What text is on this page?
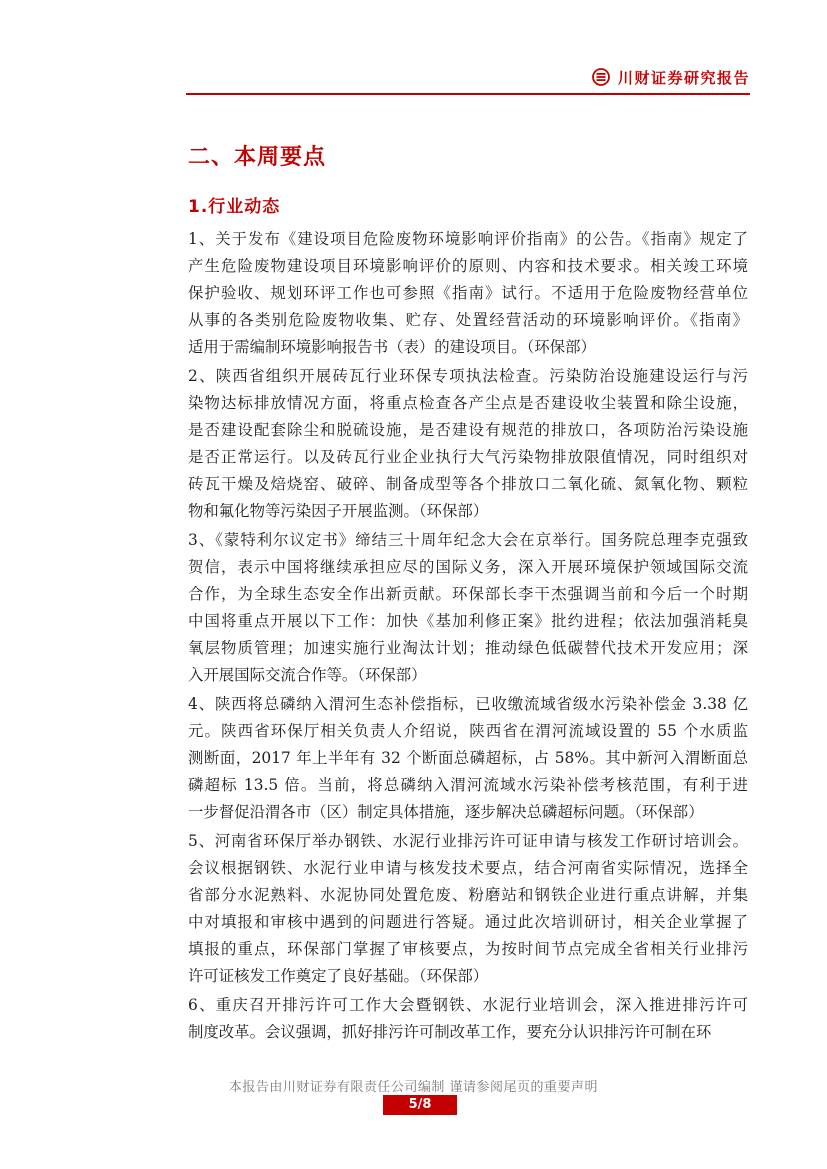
川财证券研究报告
二、本周要点
1.行业动态
1、关于发布《建设项目危险废物环境影响评价指南》的公告。《指南》规定了
产生危险废物建设项目环境影响评价的原则、内容和技术要求。相关竣工环境
保护验收、规划环评工作也可参照《指南》试行。不适用于危险废物经营单位
从事的各类别危险废物收集、贮存、处置经营活动的环境影响评价。《指南》
适用于需编制环境影响报告书（表）的建设项目。（环保部）
2、陕西省组织开展砖瓦行业环保专项执法检查。污染防治设施建设运行与污
染物达标排放情况方面，将重点检查各产尘点是否建设收尘装置和除尘设施，
是否建设配套除尘和脱硫设施，是否建设有规范的排放口，各项防治污染设施
是否正常运行。以及砖瓦行业企业执行大气污染物排放限值情况，同时组织对
砖瓦干燥及焙烧窑、破碎、制备成型等各个排放口二氧化硫、氮氧化物、颗粒
物和氟化物等污染因子开展监测。（环保部）
3、《蒙特利尔议定书》缔结三十周年纪念大会在京举行。国务院总理李克强致
贺信，表示中国将继续承担应尽的国际义务，深入开展环境保护领域国际交流
合作，为全球生态安全作出新贡献。环保部长李干杰强调当前和今后一个时期
中国将重点开展以下工作：加快《基加利修正案》批约进程；依法加强消耗臭
氧层物质管理；加速实施行业淘汰计划；推动绿色低碳替代技术开发应用；深
入开展国际交流合作等。（环保部）
4、陕西将总磷纳入渭河生态补偿指标，已收缴流域省级水污染补偿金 3.38 亿
元。陕西省环保厅相关负责人介绍说，陕西省在渭河流域设置的 55 个水质监
测断面，2017 年上半年有 32 个断面总磷超标，占 58%。其中新河入渭断面总
磷超标 13.5 倍。当前，将总磷纳入渭河流域水污染补偿考核范围，有利于进
一步督促沿渭各市（区）制定具体措施，逐步解决总磷超标问题。（环保部）
5、河南省环保厅举办钢铁、水泥行业排污许可证申请与核发工作研讨培训会。
会议根据钢铁、水泥行业申请与核发技术要点，结合河南省实际情况，选择全
省部分水泥熟料、水泥协同处置危废、粉磨站和钢铁企业进行重点讲解，并集
中对填报和审核中遇到的问题进行答疑。通过此次培训研讨，相关企业掌握了
填报的重点，环保部门掌握了审核要点，为按时间节点完成全省相关行业排污
许可证核发工作奠定了良好基础。（环保部）
6、重庆召开排污许可工作大会暨钢铁、水泥行业培训会，深入推进排污许可
制度改革。会议强调，抓好排污许可制改革工作，要充分认识排污许可制在环
本报告由川财证券有限责任公司编制 谨请参阅尾页的重要声明
5/8
